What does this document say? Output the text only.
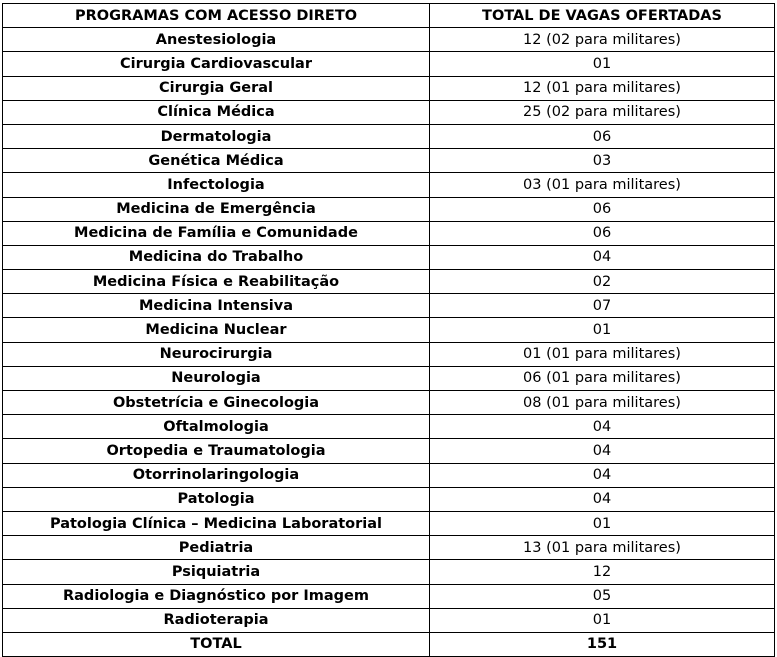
PROGRAMAS COM ACESSO DIRETO	TOTAL DE VAGAS OFERTADAS
Anestesiologia	12 (02 para militares)
Cirurgia Cardiovascular	01
Cirurgia Geral	12 (01 para militares)
Clínica Médica	25 (02 para militares)
Dermatologia	06
Genética Médica	03
Infectologia	03 (01 para militares)
Medicina de Emergência	06
Medicina de Família e Comunidade	06
Medicina do Trabalho	04
Medicina Física e Reabilitação	02
Medicina Intensiva	07
Medicina Nuclear	01
Neurocirurgia	01 (01 para militares)
Neurologia	06 (01 para militares)
Obstetrícia e Ginecologia	08 (01 para militares)
Oftalmologia	04
Ortopedia e Traumatologia	04
Otorrinolaringologia	04
Patologia	04
Patologia Clínica – Medicina Laboratorial	01
Pediatria	13 (01 para militares)
Psiquiatria	12
Radiologia e Diagnóstico por Imagem	05
Radioterapia	01
TOTAL	151
